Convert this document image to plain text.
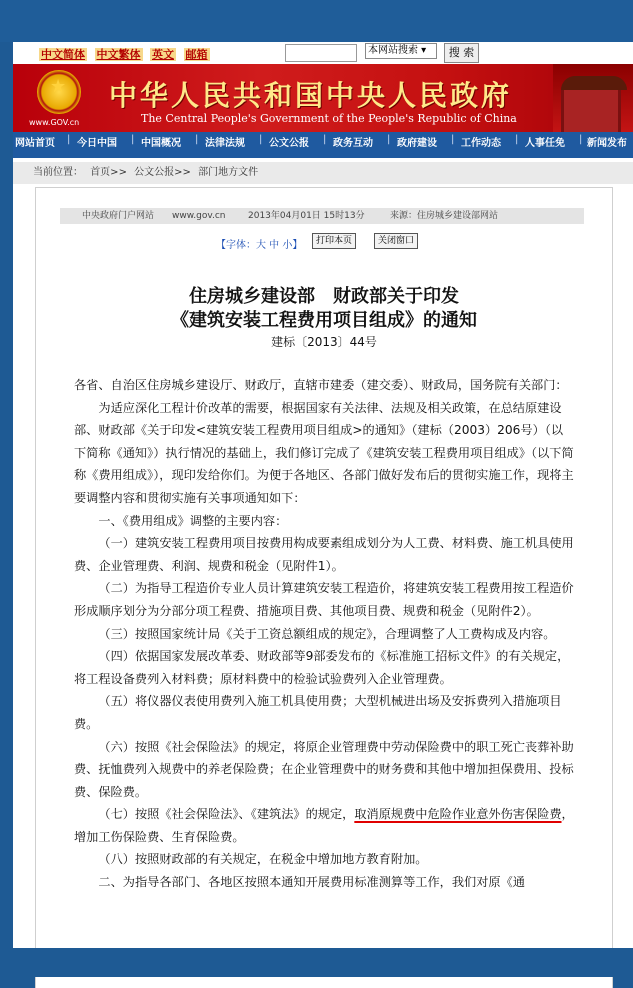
中文简体 中文繁体 英文 邮箱	本网站搜索 ▾	搜 索
★
www.GOV.cn
中华人民共和国中央人民政府
The Central People's Government of the People's Republic of China
网站首页 | 今日中国 | 中国概况 | 法律法规 | 公文公报 | 政务互动 | 政府建设 | 工作动态 | 人事任免 | 新闻发布
当前位置： 首页>> 公文公报>> 部门地方文件
中央政府门户网站 www.gov.cn	2013年04月01日 15时13分	来源：住房城乡建设部网站
【字体：大 中 小】	打印本页	关闭窗口
住房城乡建设部　财政部关于印发
《建筑安装工程费用项目组成》的通知
建标〔2013〕44号

各省、自治区住房城乡建设厅、财政厅，直辖市建委（建交委）、财政局，国务院有关部门：

为适应深化工程计价改革的需要，根据国家有关法律、法规及相关政策，在总结原建设部、财政部《关于印发<建筑安装工程费用项目组成>的通知》（建标（2003）206号）（以下简称《通知》）执行情况的基础上，我们修订完成了《建筑安装工程费用项目组成》（以下简称《费用组成》），现印发给你们。为便于各地区、各部门做好发布后的贯彻实施工作，现将主要调整内容和贯彻实施有关事项通知如下：

一、《费用组成》调整的主要内容：

（一）建筑安装工程费用项目按费用构成要素组成划分为人工费、材料费、施工机具使用费、企业管理费、利润、规费和税金（见附件1）。

（二）为指导工程造价专业人员计算建筑安装工程造价，将建筑安装工程费用按工程造价形成顺序划分为分部分项工程费、措施项目费、其他项目费、规费和税金（见附件2）。

（三）按照国家统计局《关于工资总额组成的规定》，合理调整了人工费构成及内容。

（四）依据国家发展改革委、财政部等9部委发布的《标准施工招标文件》的有关规定，将工程设备费列入材料费；原材料费中的检验试验费列入企业管理费。

（五）将仪器仪表使用费列入施工机具使用费；大型机械进出场及安拆费列入措施项目费。

（六）按照《社会保险法》的规定，将原企业管理费中劳动保险费中的职工死亡丧葬补助费、抚恤费列入规费中的养老保险费；在企业管理费中的财务费和其他中增加担保费用、投标费、保险费。

（七）按照《社会保险法》、《建筑法》的规定，取消原规费中危险作业意外伤害保险费，增加工伤保险费、生育保险费。

（八）按照财政部的有关规定，在税金中增加地方教育附加。

二、为指导各部门、各地区按照本通知开展费用标准测算等工作，我们对原《通
